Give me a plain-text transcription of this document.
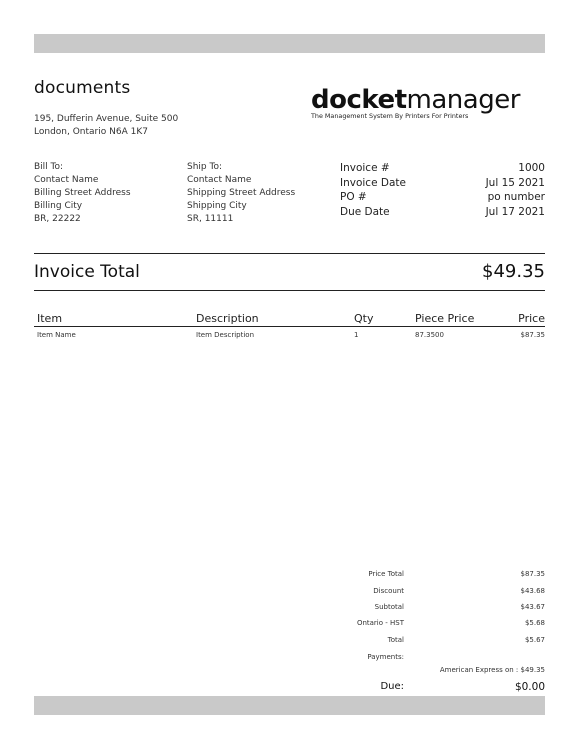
documents
195, Dufferin Avenue, Suite 500
London, Ontario N6A 1K7
docketmanager
The Management System By Printers For Printers
Bill To:
Contact Name
Billing Street Address
Billing City
BR, 22222
Ship To:
Contact Name
Shipping Street Address
Shipping City
SR, 11111
Invoice #	1000
Invoice Date	Jul 15 2021
PO #	po number
Due Date	Jul 17 2021
Invoice Total	$49.35
Item	Description	Qty	Piece Price	Price
Item Name	Item Description	1	87.3500	$87.35
Price Total	$87.35
Discount	$43.68
Subtotal	$43.67
Ontario - HST	$5.68
Total	$5.67
Payments:
American Express on : $49.35
Due:	$0.00
